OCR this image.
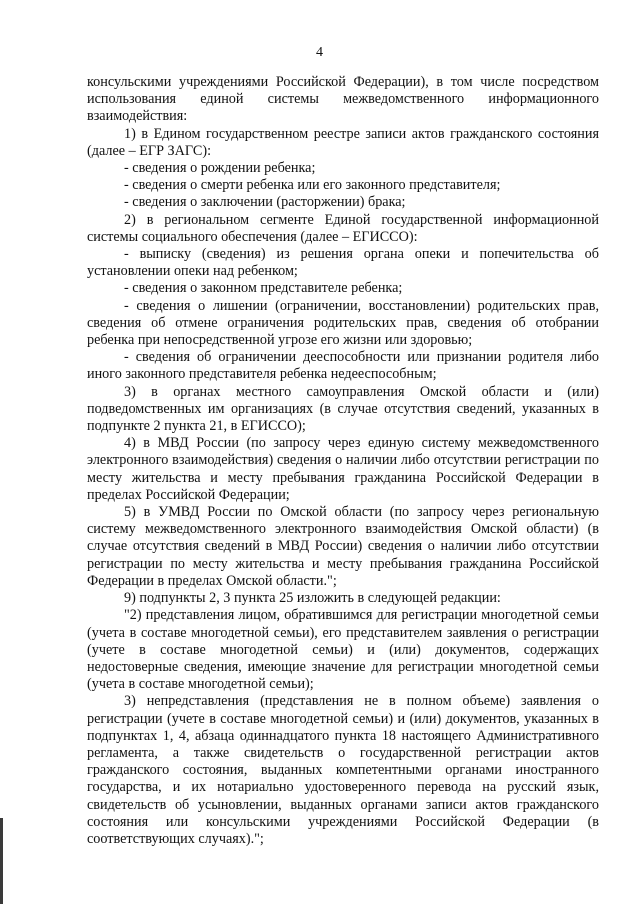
4

консульскими учреждениями Российской Федерации), в том числе посредством использования единой системы межведомственного информационного взаимодействия:

1) в Едином государственном реестре записи актов гражданского состояния (далее – ЕГР ЗАГС):

- сведения о рождении ребенка;

- сведения о смерти ребенка или его законного представителя;

- сведения о заключении (расторжении) брака;

2) в региональном сегменте Единой государственной информационной системы социального обеспечения (далее – ЕГИССО):

- выписку (сведения) из решения органа опеки и попечительства об установлении опеки над ребенком;

- сведения о законном представителе ребенка;

- сведения о лишении (ограничении, восстановлении) родительских прав, сведения об отмене ограничения родительских прав, сведения об отобрании ребенка при непосредственной угрозе его жизни или здоровью;

- сведения об ограничении дееспособности или признании родителя либо иного законного представителя ребенка недееспособным;

3) в органах местного самоуправления Омской области и (или) подведомственных им организациях (в случае отсутствия сведений, указанных в подпункте 2 пункта 21, в ЕГИССО);

4) в МВД России (по запросу через единую систему межведомственного электронного взаимодействия) сведения о наличии либо отсутствии регистрации по месту жительства и месту пребывания гражданина Российской Федерации в пределах Российской Федерации;

5) в УМВД России по Омской области (по запросу через региональную систему межведомственного электронного взаимодействия Омской области) (в случае отсутствия сведений в МВД России) сведения о наличии либо отсутствии регистрации по месту жительства и месту пребывания гражданина Российской Федерации в пределах Омской области.";

9) подпункты 2, 3 пункта 25 изложить в следующей редакции:

"2) представления лицом, обратившимся для регистрации многодетной семьи (учета в составе многодетной семьи), его представителем заявления о регистрации (учете в составе многодетной семьи) и (или) документов, содержащих недостоверные сведения, имеющие значение для регистрации многодетной семьи (учета в составе многодетной семьи);

3) непредставления (представления не в полном объеме) заявления о регистрации (учете в составе многодетной семьи) и (или) документов, указанных в подпунктах 1, 4, абзаца одиннадцатого пункта 18 настоящего Административного регламента, а также свидетельств о государственной регистрации актов гражданского состояния, выданных компетентными органами иностранного государства, и их нотариально удостоверенного перевода на русский язык, свидетельств об усыновлении, выданных органами записи актов гражданского состояния или консульскими учреждениями Российской Федерации (в соответствующих случаях).";
